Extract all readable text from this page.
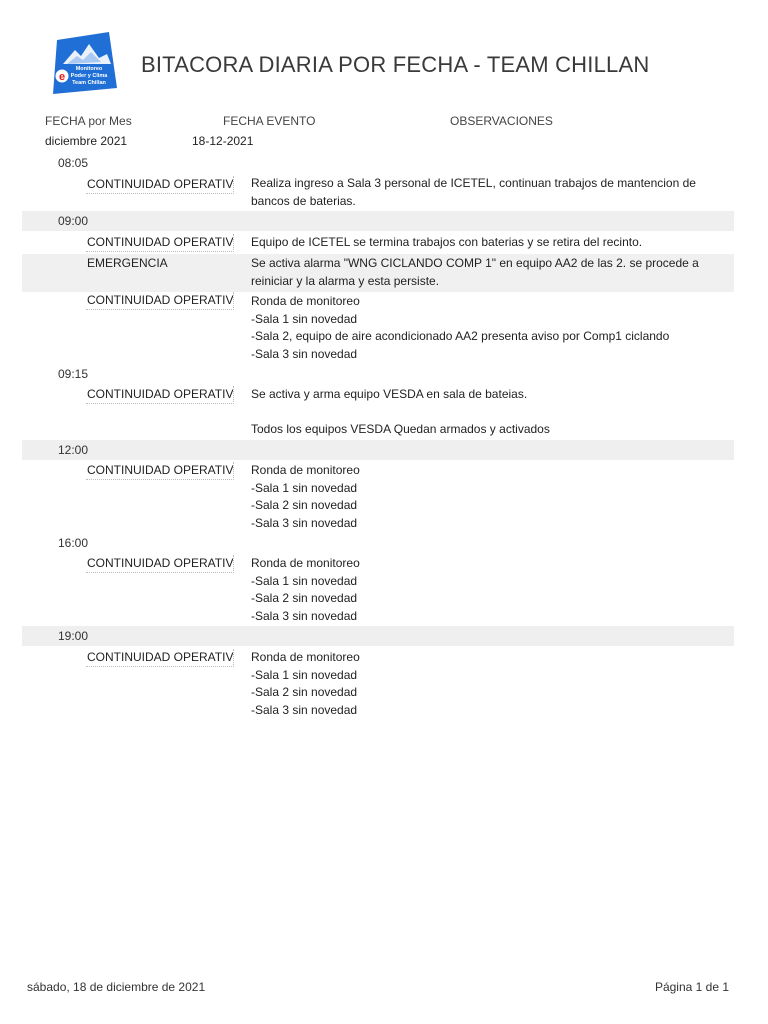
e
Monitoreo
Poder y Clima
Team Chillan
BITACORA DIARIA POR FECHA - TEAM CHILLAN
FECHA por Mes	FECHA EVENTO	OBSERVACIONES
diciembre 2021	18-12-2021
08:05
CONTINUIDAD OPERATIV Realiza ingreso a Sala 3 personal de ICETEL, continuan trabajos de mantencion de
bancos de baterias.
09:00
CONTINUIDAD OPERATIV Equipo de ICETEL se termina trabajos con baterias y se retira del recinto.
EMERGENCIA	Se activa alarma "WNG CICLANDO COMP 1" en equipo AA2 de las 2. se procede a
reiniciar y la alarma y esta persiste.
CONTINUIDAD OPERATIV Ronda de monitoreo
-Sala 1 sin novedad
-Sala 2, equipo de aire acondicionado AA2 presenta aviso por Comp1 ciclando
-Sala 3 sin novedad
09:15
CONTINUIDAD OPERATIV Se activa y arma equipo VESDA en sala de bateias.
Todos los equipos VESDA Quedan armados y activados
12:00
CONTINUIDAD OPERATIV Ronda de monitoreo
-Sala 1 sin novedad
-Sala 2 sin novedad
-Sala 3 sin novedad
16:00
CONTINUIDAD OPERATIV Ronda de monitoreo
-Sala 1 sin novedad
-Sala 2 sin novedad
-Sala 3 sin novedad
19:00
CONTINUIDAD OPERATIV Ronda de monitoreo
-Sala 1 sin novedad
-Sala 2 sin novedad
-Sala 3 sin novedad
sábado, 18 de diciembre de 2021	Página 1 de 1
